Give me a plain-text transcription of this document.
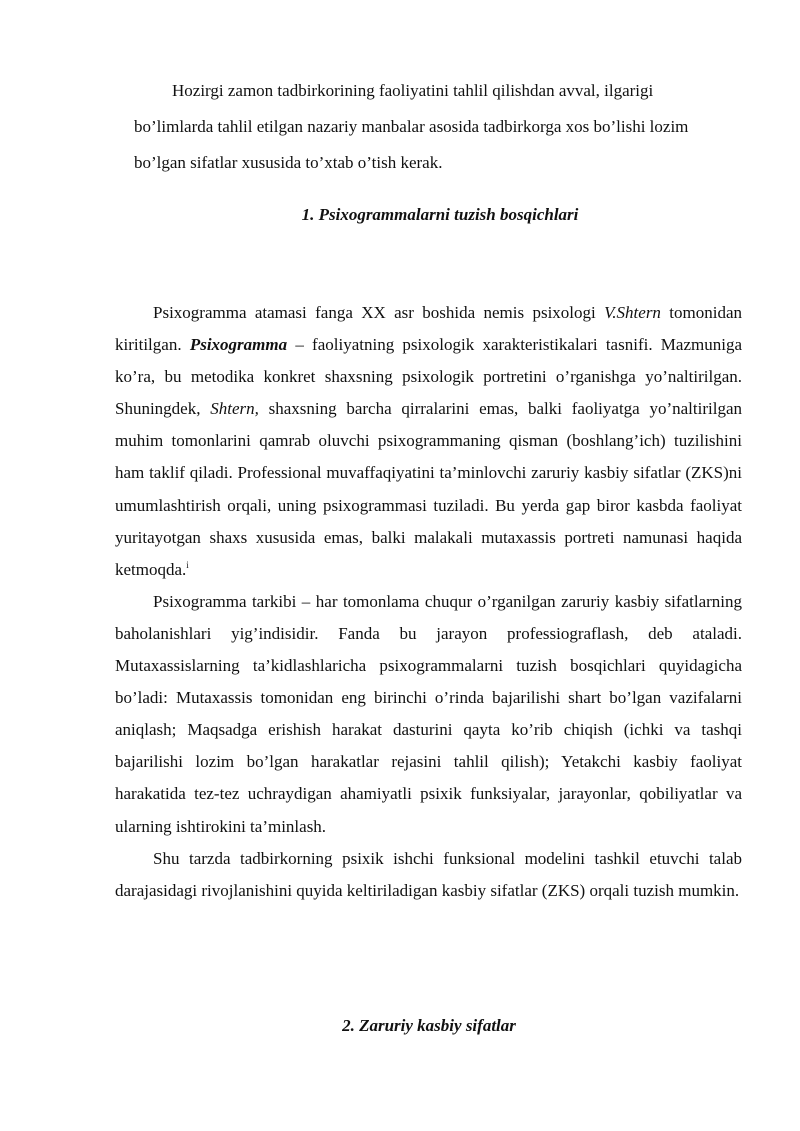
Hozirgi zamon tadbirkorining faoliyatini tahlil qilishdan avval, ilgarigi bo’limlarda tahlil etilgan nazariy manbalar asosida tadbirkorga xos bo’lishi lozim bo’lgan sifatlar xususida to’xtab o’tish kerak.

1. Psixogrammalarni tuzish bosqichlari

Psixogramma atamasi fanga XX asr boshida nemis psixologi V.Shtern tomonidan kiritilgan. Psixogramma – faoliyatning psixologik xarakteristikalari tasnifi. Mazmuniga ko’ra, bu metodika konkret shaxsning psixologik portretini o’rganishga yo’naltirilgan. Shuningdek, Shtern, shaxsning barcha qirralarini emas, balki faoliyatga yo’naltirilgan muhim tomonlarini qamrab oluvchi psixogrammaning qisman (boshlang’ich) tuzilishini ham taklif qiladi. Professional muvaffaqiyatini ta’minlovchi zaruriy kasbiy sifatlar (ZKS)ni umumlashtirish orqali, uning psixogrammasi tuziladi. Bu yerda gap biror kasbda faoliyat yuritayotgan shaxs xususida emas, balki malakali mutaxassis portreti namunasi haqida ketmoqda.$^i$

Psixogramma tarkibi – har tomonlama chuqur o’rganilgan zaruriy kasbiy sifatlarning baholanishlari yig’indisidir. Fanda bu jarayon professiograflash, deb ataladi. Mutaxassislarning ta’kidlashlaricha psixogrammalarni tuzish bosqichlari quyidagicha bo’ladi: Mutaxassis tomonidan eng birinchi o’rinda bajarilishi shart bo’lgan vazifalarni aniqlash; Maqsadga erishish harakat dasturini qayta ko’rib chiqish (ichki va tashqi bajarilishi lozim bo’lgan harakatlar rejasini tahlil qilish); Yetakchi kasbiy faoliyat harakatida tez-tez uchraydigan ahamiyatli psixik funksiyalar, jarayonlar, qobiliyatlar va ularning ishtirokini ta’minlash.

Shu tarzda tadbirkorning psixik ishchi funksional modelini tashkil etuvchi talab darajasidagi rivojlanishini quyida keltiriladigan kasbiy sifatlar (ZKS) orqali tuzish mumkin.

2. Zaruriy kasbiy sifatlar
